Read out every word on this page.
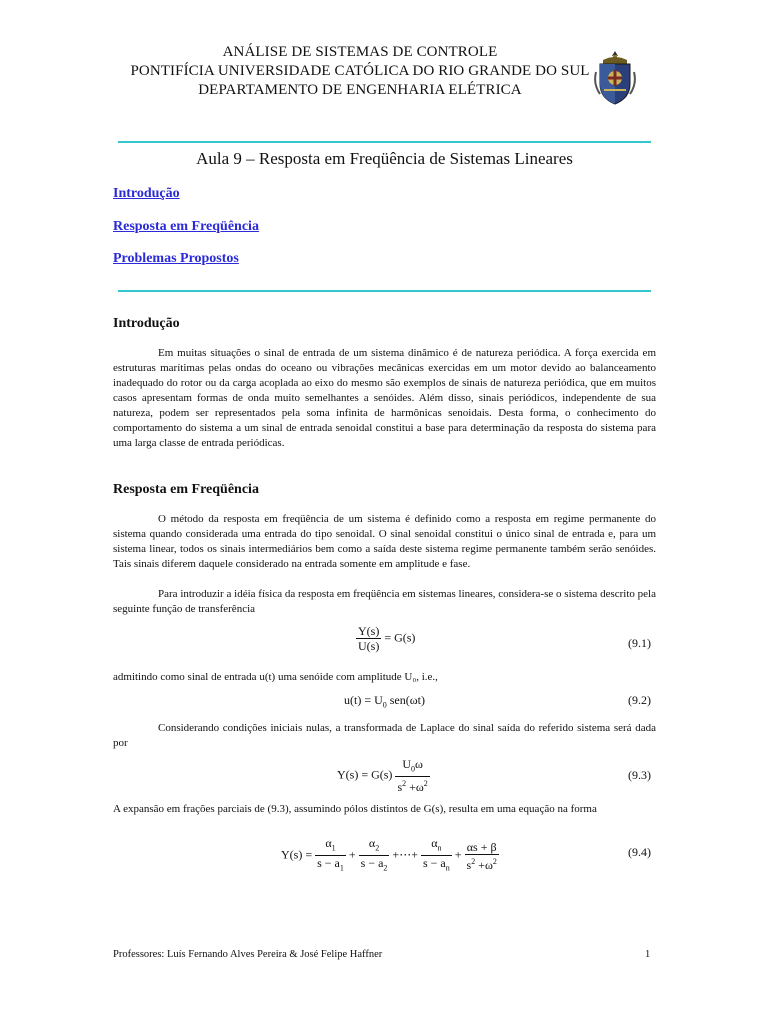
ANÁLISE DE SISTEMAS DE CONTROLE
PONTIFÍCIA UNIVERSIDADE CATÓLICA DO RIO GRANDE DO SUL
DEPARTAMENTO DE ENGENHARIA ELÉTRICA
Aula 9 – Resposta em Freqüência de Sistemas Lineares
Introdução
Resposta em Freqüência
Problemas Propostos
Introdução
Em muitas situações o sinal de entrada de um sistema dinâmico é de natureza periódica. A força exercida em estruturas marítimas pelas ondas do oceano ou vibrações mecânicas exercidas em um motor devido ao balanceamento inadequado do rotor ou da carga acoplada ao eixo do mesmo são exemplos de sinais de natureza periódica, que em muitos casos apresentam formas de onda muito semelhantes a senóides. Além disso, sinais periódicos, independente de sua natureza, podem ser representados pela soma infinita de harmônicas senoidais. Desta forma, o conhecimento do comportamento do sistema a um sinal de entrada senoidal constitui a base para determinação da resposta do sistema para uma larga classe de entrada periódicas.
Resposta em Freqüência
O método da resposta em freqüência de um sistema é definido como a resposta em regime permanente do sistema quando considerada uma entrada do tipo senoidal. O sinal senoidal constitui o único sinal de entrada e, para um sistema linear, todos os sinais intermediários bem como a saída deste sistema regime permanente também serão senóides. Tais sinais diferem daquele considerado na entrada somente em amplitude e fase.
Para introduzir a idéia física da resposta em freqüência em sistemas lineares, considera-se o sistema descrito pela seguinte função de transferência
$\frac{Y(s)}{U(s)} = G(s)$	(9.1)
admitindo como sinal de entrada u(t) uma senóide com amplitude U₀, i.e.,
$u(t) = U_0$ sen(ωt)	(9.2)
Considerando condições iniciais nulas, a transformada de Laplace do sinal saída do referido sistema será dada por
$Y(s) = G(s) \frac{U_0\omega}{s^2 +\omega^2}$	(9.3)
A expansão em frações parciais de (9.3), assumindo pólos distintos de G(s), resulta em uma equação na forma
$Y(s) = \frac{\alpha_1}{s - a_1} + \frac{\alpha_2}{s - a_2}$ +⋯+ $\frac{\alpha_n}{s - a_n} + \frac{\alpha s + \beta}{s^2 +\omega^2}$	(9.4)
Professores: Luís Fernando Alves Pereira & José Felipe Haffner	1
